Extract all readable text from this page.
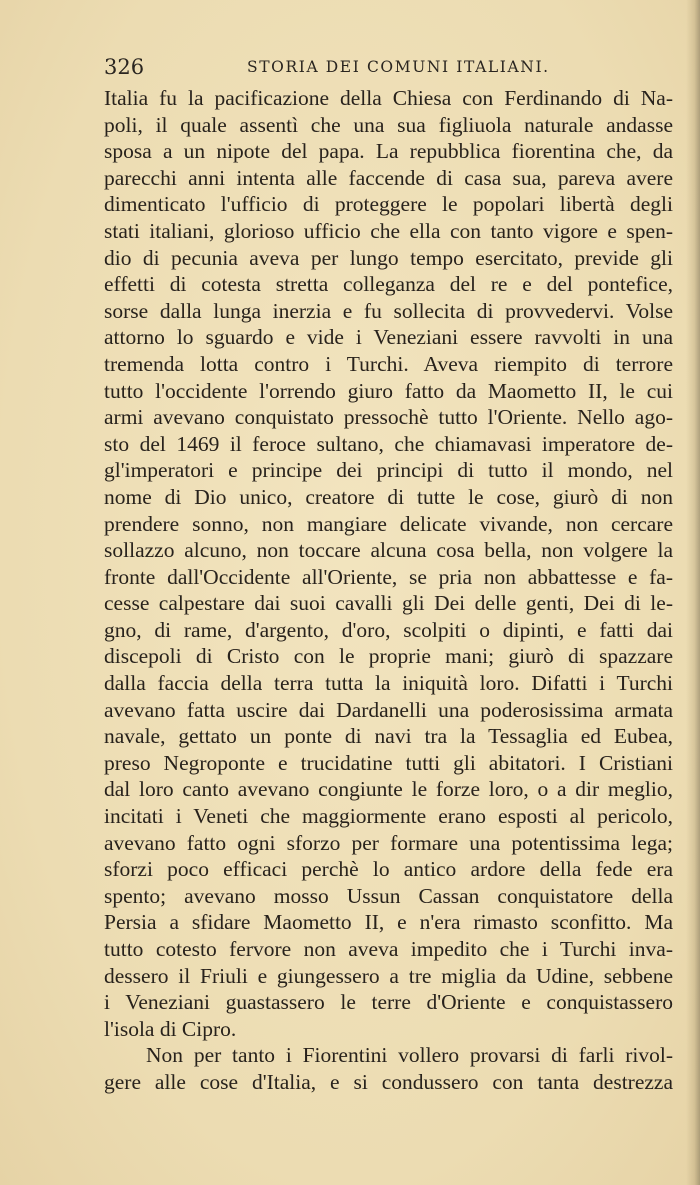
326	STORIA DEI COMUNI ITALIANI.
Italia fu la pacificazione della Chiesa con Ferdinando di Na-
poli, il quale assentì che una sua figliuola naturale andasse
sposa a un nipote del papa. La repubblica fiorentina che, da
parecchi anni intenta alle faccende di casa sua, pareva avere
dimenticato l'ufficio di proteggere le popolari libertà degli
stati italiani, glorioso ufficio che ella con tanto vigore e spen-
dio di pecunia aveva per lungo tempo esercitato, previde gli
effetti di cotesta stretta colleganza del re e del pontefice,
sorse dalla lunga inerzia e fu sollecita di provvedervi. Volse
attorno lo sguardo e vide i Veneziani essere ravvolti in una
tremenda lotta contro i Turchi. Aveva riempito di terrore
tutto l'occidente l'orrendo giuro fatto da Maometto II, le cui
armi avevano conquistato pressochè tutto l'Oriente. Nello ago-
sto del 1469 il feroce sultano, che chiamavasi imperatore de-
gl'imperatori e principe dei principi di tutto il mondo, nel
nome di Dio unico, creatore di tutte le cose, giurò di non
prendere sonno, non mangiare delicate vivande, non cercare
sollazzo alcuno, non toccare alcuna cosa bella, non volgere la
fronte dall'Occidente all'Oriente, se pria non abbattesse e fa-
cesse calpestare dai suoi cavalli gli Dei delle genti, Dei di le-
gno, di rame, d'argento, d'oro, scolpiti o dipinti, e fatti dai
discepoli di Cristo con le proprie mani; giurò di spazzare
dalla faccia della terra tutta la iniquità loro. Difatti i Turchi
avevano fatta uscire dai Dardanelli una poderosissima armata
navale, gettato un ponte di navi tra la Tessaglia ed Eubea,
preso Negroponte e trucidatine tutti gli abitatori. I Cristiani
dal loro canto avevano congiunte le forze loro, o a dir meglio,
incitati i Veneti che maggiormente erano esposti al pericolo,
avevano fatto ogni sforzo per formare una potentissima lega;
sforzi poco efficaci perchè lo antico ardore della fede era
spento; avevano mosso Ussun Cassan conquistatore della
Persia a sfidare Maometto II, e n'era rimasto sconfitto. Ma
tutto cotesto fervore non aveva impedito che i Turchi inva-
dessero il Friuli e giungessero a tre miglia da Udine, sebbene
i Veneziani guastassero le terre d'Oriente e conquistassero
l'isola di Cipro.
Non per tanto i Fiorentini vollero provarsi di farli rivol-
gere alle cose d'Italia, e si condussero con tanta destrezza
